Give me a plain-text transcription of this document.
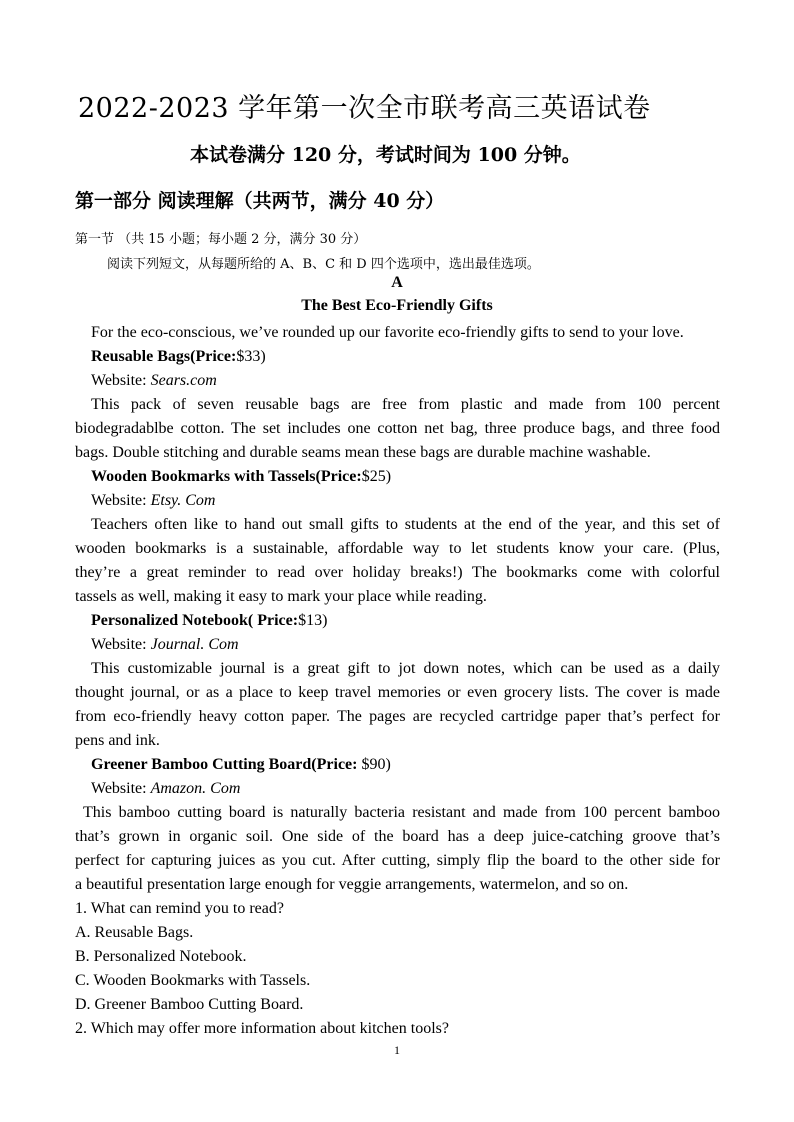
2022-2023 学年第一次全市联考高三英语试卷
本试卷满分 120 分，考试时间为 100 分钟。
第一部分 阅读理解（共两节，满分 40 分）
第一节 （共 15 小题；每小题 2 分，满分 30 分）
阅读下列短文，从每题所给的 A、B、C 和 D 四个选项中，选出最佳选项。
A
The Best Eco-Friendly Gifts
For the eco-conscious, we’ve rounded up our favorite eco-friendly gifts to send to your love.
Reusable Bags(Price:$33)
Website: Sears.com
This pack of seven reusable bags are free from plastic and made from 100 percent
biodegradablbe cotton. The set includes one cotton net bag, three produce bags, and three food
bags. Double stitching and durable seams mean these bags are durable machine washable.
Wooden Bookmarks with Tassels(Price:$25)
Website: Etsy. Com
Teachers often like to hand out small gifts to students at the end of the year, and this set of
wooden bookmarks is a sustainable, affordable way to let students know your care. (Plus,
they’re a great reminder to read over holiday breaks!) The bookmarks come with colorful
tassels as well, making it easy to mark your place while reading.
Personalized Notebook( Price:$13)
Website: Journal. Com
This customizable journal is a great gift to jot down notes, which can be used as a daily
thought journal, or as a place to keep travel memories or even grocery lists. The cover is made
from eco-friendly heavy cotton paper. The pages are recycled cartridge paper that’s perfect for
pens and ink.
Greener Bamboo Cutting Board(Price: $90)
Website: Amazon. Com
This bamboo cutting board is naturally bacteria resistant and made from 100 percent bamboo
that’s grown in organic soil. One side of the board has a deep juice-catching groove that’s
perfect for capturing juices as you cut. After cutting, simply flip the board to the other side for
a beautiful presentation large enough for veggie arrangements, watermelon, and so on.
1. What can remind you to read?
A. Reusable Bags.
B. Personalized Notebook.
C. Wooden Bookmarks with Tassels.
D. Greener Bamboo Cutting Board.
2. Which may offer more information about kitchen tools?
1
